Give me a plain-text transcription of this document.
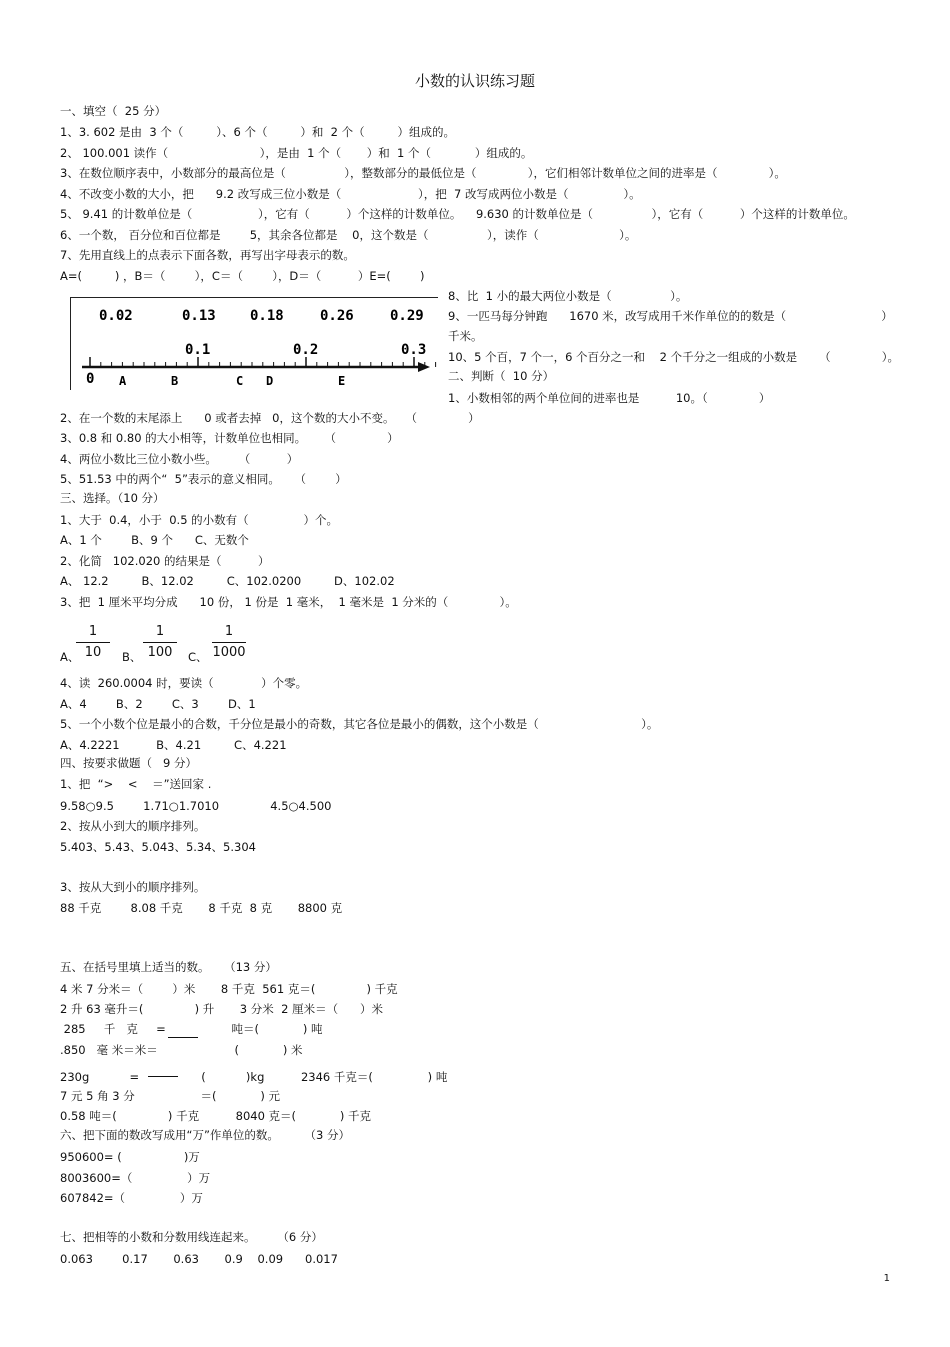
小数的认识练习题
一、填空（  25 分）
1、3. 602 是由  3 个（         ）、6 个（         ）和  2 个（         ）组成的。
2、 100.001 读作（                         ），是由  1 个（       ）和  1 个（            ）组成的。
3、在数位顺序表中，小数部分的最高位是（                ），整数部分的最低位是（              ），它们相邻计数单位之间的进率是（              ）。
4、不改变小数的大小，把      9.2 改写成三位小数是（                     ），把  7 改写成两位小数是（               ）。
5、 9.41 的计数单位是（                  ），它有（          ）个这样的计数单位。    9.630 的计数单位是（                ），它有（          ）个这样的计数单位。
6、一个数， 百分位和百位都是        5，其余各位都是    0，这个数是（                ），读作（                      ）。
7、先用直线上的点表示下面各数，再写出字母表示的数。
A=(         ) ，B＝（        ），C＝（        ），D＝（          ）E=(        )
8、比  1 小的最大两位小数是（                ）。
9、一匹马每分钟跑      1670 米，改写成用千米作单位的的数是（                          ）
千米。
10、5 个百，7 个一，6 个百分之一和    2 个千分之一组成的小数是      （              ）。
二、判断（  10 分）
1、小数相邻的两个单位间的进率也是          10。（              ）
2、在一个数的末尾添上      0 或者去掉   0，这个数的大小不变。   （              ）
3、0.8 和 0.80 的大小相等，计数单位也相同。     （              ）
4、两位小数比三位小数小些。      （          ）
5、51.53 中的两个“  5”表示的意义相同。    （        ）
三、选择。（10 分）
1、大于  0.4，小于  0.5 的小数有（               ）个。
A、1 个        B、9 个      C、无数个
2、化简   102.020 的结果是（          ）
A、 12.2         B、12.02         C、102.0200         D、102.02
3、把  1 厘米平均分成      10 份， 1 份是  1 毫米，  1 毫米是  1 分米的（              ）。
A、	B、	C、
4、读  260.0004 时，要读（             ）个零。
A、4        B、2        C、3        D、1
5、一个小数个位是最小的合数，千分位是最小的奇数，其它各位是最小的偶数，这个小数是（                            ）。
A、4.2221          B、4.21         C、4.221
四、按要求做题（   9 分）
1、把  “>    <    ＝”送回家 .
9.58○9.5        1.71○1.7010              4.5○4.500
2、按从小到大的顺序排列。
5.403、5.43、5.043、5.34、5.304
3、按从大到小的顺序排列。
88 千克        8.08 千克       8 千克  8 克       8800 克
五、在括号里填上适当的数。    （13 分）
4 米 7 分米＝（        ）米       8 千克  561 克＝(              ) 千克
2 升 63 毫升＝(              ) 升       3 分米  2 厘米＝（      ）米
285     千   克     =                  吨＝(            ) 吨
.850   毫 米＝米＝                     (            ) 米
230g           =                 (           )kg          2346 千克＝(               ) 吨
7 元 5 角 3 分                  ＝(            ) 元
0.58 吨＝(              ) 千克          8040 克＝(            ) 千克
六、把下面的数改写成用“万”作单位的数。       （3 分）
950600= (                 )万
8003600=（               ）万
607842=（               ）万
七、把相等的小数和分数用线连起来。      （6 分）
0.063        0.17       0.63       0.9    0.09      0.017
0.02	0.13 0.18	0.26	0.29
0
0.1	0.2	0.3
A	B	C D	E
1
10
1
100
1
1000
1
